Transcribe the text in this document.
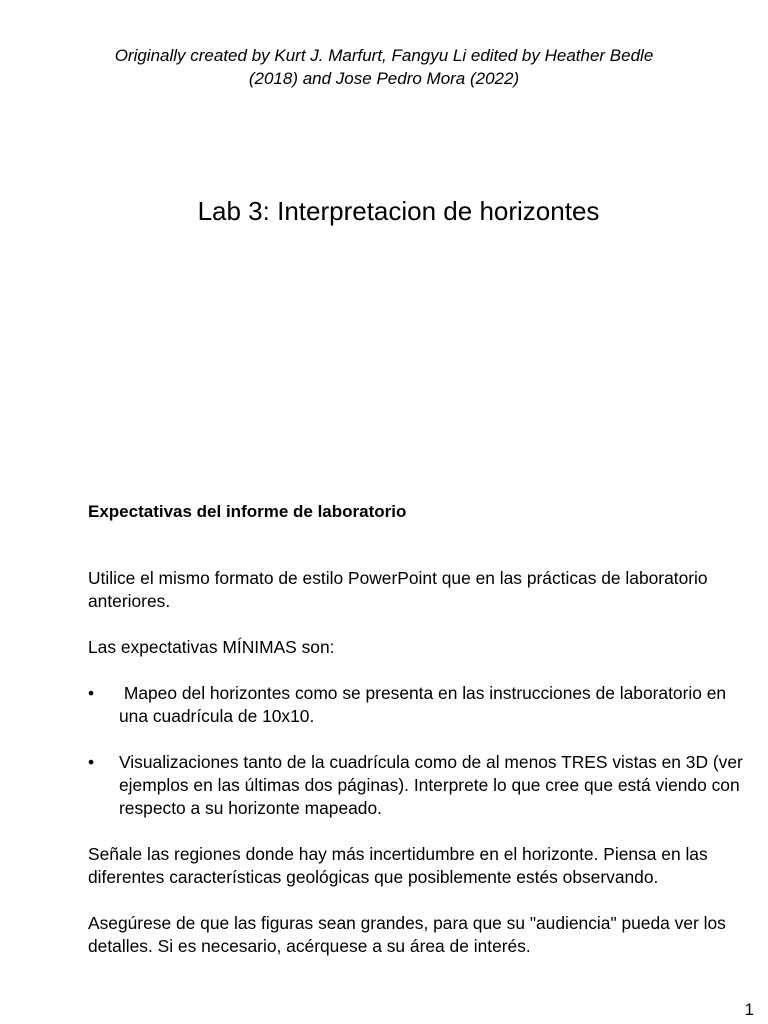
Originally created by Kurt J. Marfurt, Fangyu Li edited by Heather Bedle
(2018) and Jose Pedro Mora (2022)
Lab 3: Interpretacion de horizontes

Expectativas del informe de laboratorio

Utilice el mismo formato de estilo PowerPoint que en las prácticas de laboratorio anteriores.

Las expectativas MÍNIMAS son:

• Mapeo del horizontes como se presenta en las instrucciones de laboratorio en una cuadrícula de 10x10.
• Visualizaciones tanto de la cuadrícula como de al menos TRES vistas en 3D (ver ejemplos en las últimas dos páginas). Interprete lo que cree que está viendo con respecto a su horizonte mapeado.

Señale las regiones donde hay más incertidumbre en el horizonte. Piensa en las diferentes características geológicas que posiblemente estés observando.

Asegúrese de que las figuras sean grandes, para que su "audiencia" pueda ver los detalles. Si es necesario, acérquese a su área de interés.

1
